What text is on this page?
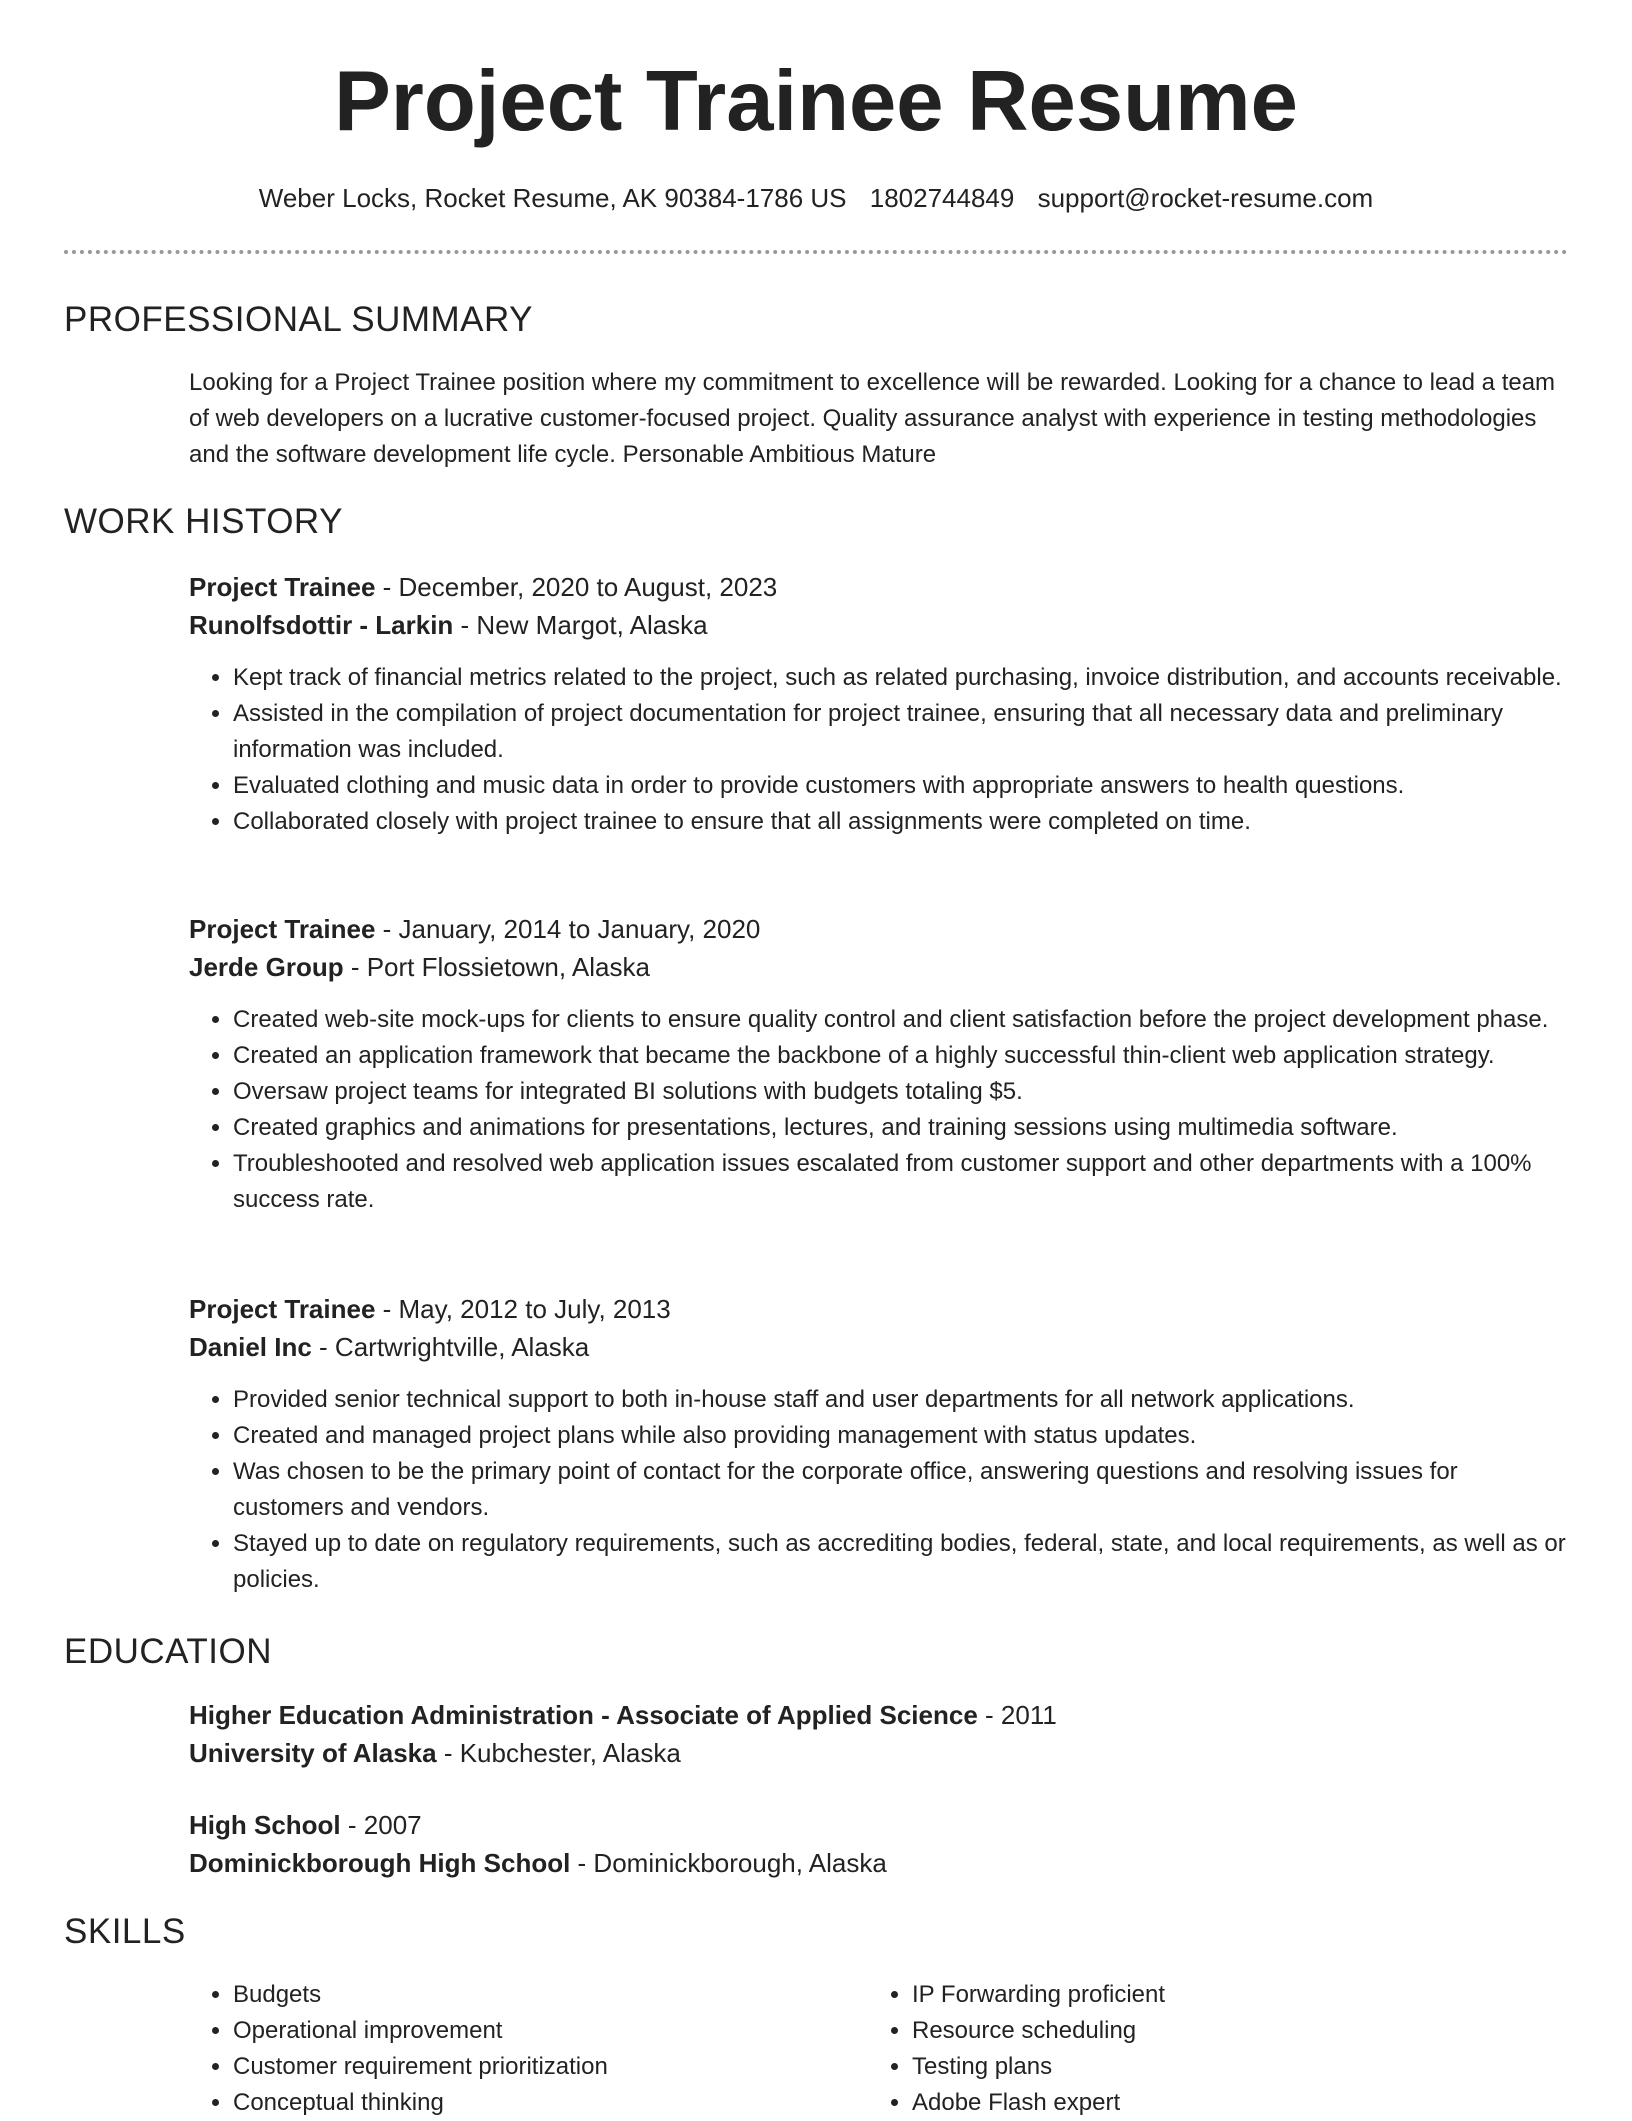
Project Trainee Resume
Weber Locks, Rocket Resume, AK 90384-1786 US 1802744849 support@rocket-resume.com
PROFESSIONAL SUMMARY
Looking for a Project Trainee position where my commitment to excellence will be rewarded. Looking for a chance to lead a team of web developers on a lucrative customer-focused project. Quality assurance analyst with experience in testing methodologies and the software development life cycle. Personable Ambitious Mature
WORK HISTORY
Project Trainee - December, 2020 to August, 2023
Runolfsdottir - Larkin - New Margot, Alaska
• Kept track of financial metrics related to the project, such as related purchasing, invoice distribution, and accounts receivable.
• Assisted in the compilation of project documentation for project trainee, ensuring that all necessary data and preliminary information was included.
• Evaluated clothing and music data in order to provide customers with appropriate answers to health questions.
• Collaborated closely with project trainee to ensure that all assignments were completed on time.
Project Trainee - January, 2014 to January, 2020
Jerde Group - Port Flossietown, Alaska
• Created web-site mock-ups for clients to ensure quality control and client satisfaction before the project development phase.
• Created an application framework that became the backbone of a highly successful thin-client web application strategy.
• Oversaw project teams for integrated BI solutions with budgets totaling $5.
• Created graphics and animations for presentations, lectures, and training sessions using multimedia software.
• Troubleshooted and resolved web application issues escalated from customer support and other departments with a 100% success rate.
Project Trainee - May, 2012 to July, 2013
Daniel Inc - Cartwrightville, Alaska
• Provided senior technical support to both in-house staff and user departments for all network applications.
• Created and managed project plans while also providing management with status updates.
• Was chosen to be the primary point of contact for the corporate office, answering questions and resolving issues for customers and vendors.
• Stayed up to date on regulatory requirements, such as accrediting bodies, federal, state, and local requirements, as well as or policies.
EDUCATION
Higher Education Administration - Associate of Applied Science - 2011
University of Alaska - Kubchester, Alaska
High School - 2007
Dominickborough High School - Dominickborough, Alaska
SKILLS
• Budgets
• Operational improvement
• Customer requirement prioritization
• Conceptual thinking
• IP Forwarding proficient
• Resource scheduling
• Testing plans
• Adobe Flash expert
